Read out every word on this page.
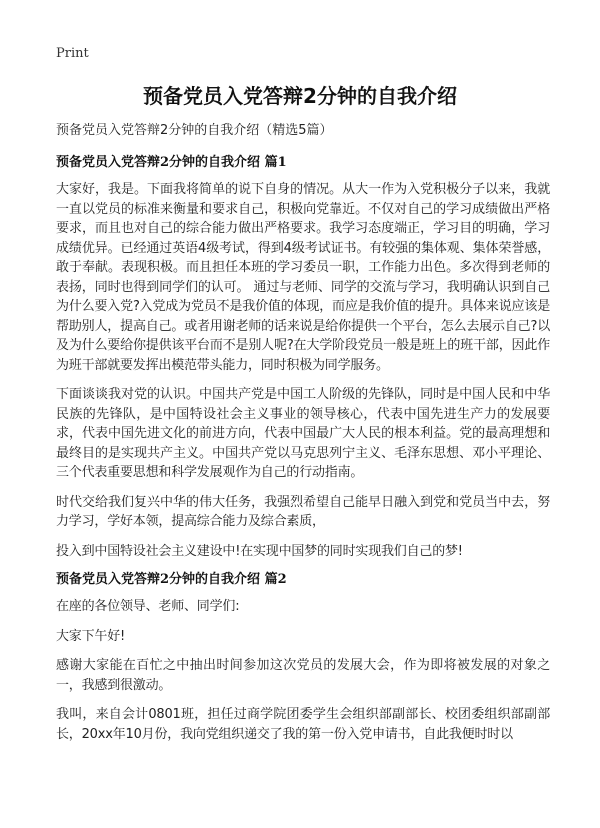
Print
预备党员入党答辩2分钟的自我介绍

预备党员入党答辩2分钟的自我介绍（精选5篇）

预备党员入党答辩2分钟的自我介绍 篇1

大家好，我是。下面我将简单的说下自身的情况。从大一作为入党积极分子以来，我就一直以党员的标准来衡量和要求自己，积极向党靠近。不仅对自己的学习成绩做出严格要求，而且也对自己的综合能力做出严格要求。我学习态度端正，学习目的明确，学习成绩优异。已经通过英语4级考试，得到4级考试证书。有较强的集体观、集体荣誉感，敢于奉献。表现积极。而且担任本班的学习委员一职，工作能力出色。多次得到老师的表扬，同时也得到同学们的认可。 通过与老师、同学的交流与学习，我明确认识到自己为什么要入党?入党成为党员不是我价值的体现，而应是我价值的提升。具体来说应该是帮助别人，提高自己。或者用谢老师的话来说是给你提供一个平台，怎么去展示自己?以及为什么要给你提供该平台而不是别人呢?在大学阶段党员一般是班上的班干部，因此作为班干部就要发挥出模范带头能力，同时积极为同学服务。

下面谈谈我对党的认识。中国共产党是中国工人阶级的先锋队，同时是中国人民和中华民族的先锋队，是中国特设社会主义事业的领导核心，代表中国先进生产力的发展要求，代表中国先进文化的前进方向，代表中国最广大人民的根本利益。党的最高理想和最终目的是实现共产主义。中国共产党以马克思列宁主义、毛泽东思想、邓小平理论、三个代表重要思想和科学发展观作为自己的行动指南。

时代交给我们复兴中华的伟大任务，我强烈希望自己能早日融入到党和党员当中去，努力学习，学好本领，提高综合能力及综合素质，

投入到中国特设社会主义建设中!在实现中国梦的同时实现我们自己的梦!

预备党员入党答辩2分钟的自我介绍 篇2

在座的各位领导、老师、同学们:

大家下午好!

感谢大家能在百忙之中抽出时间参加这次党员的发展大会，作为即将被发展的对象之一，我感到很激动。

我叫，来自会计0801班，担任过商学院团委学生会组织部副部长、校团委组织部副部长，20xx年10月份，我向党组织递交了我的第一份入党申请书，自此我便时时以
